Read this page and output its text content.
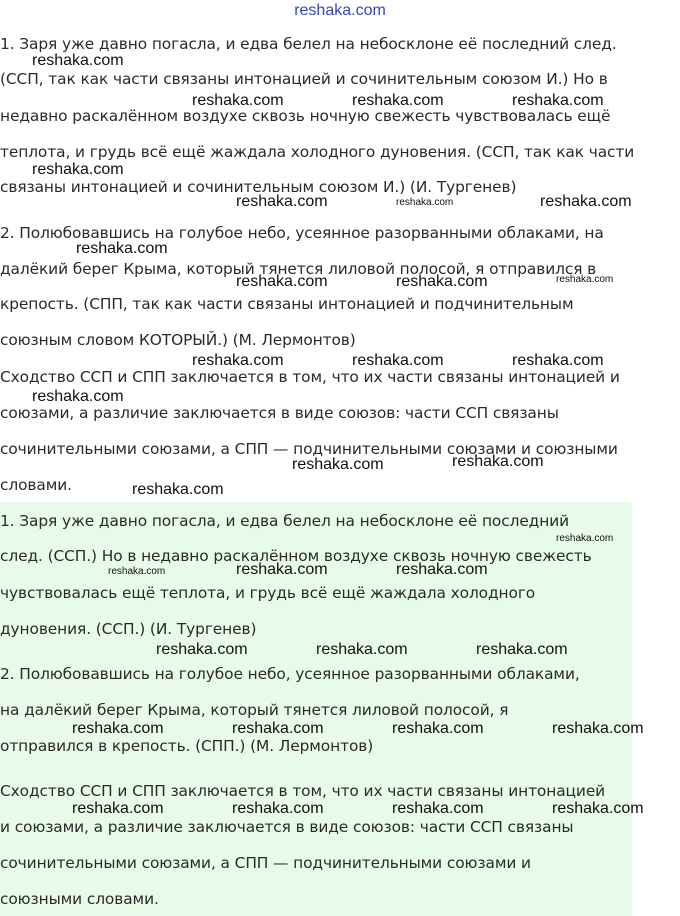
reshaka.com
1. Заря уже давно погасла, и едва белел на небосклоне её последний след.
(ССП, так как части связаны интонацией и сочинительным союзом И.) Но в
недавно раскалённом воздухе сквозь ночную свежесть чувствовалась ещё
теплота, и грудь всё ещё жаждала холодного дуновения. (ССП, так как части
связаны интонацией и сочинительным союзом И.) (И. Тургенев)
2. Полюбовавшись на голубое небо, усеянное разорванными облаками, на
далёкий берег Крыма, который тянется лиловой полосой, я отправился в
крепость. (СПП, так как части связаны интонацией и подчинительным
союзным словом КОТОРЫЙ.) (М. Лермонтов)
Сходство ССП и СПП заключается в том, что их части связаны интонацией и
союзами, а различие заключается в виде союзов: части ССП связаны
сочинительными союзами, а СПП — подчинительными союзами и союзными
словами.
1. Заря уже давно погасла, и едва белел на небосклоне её последний
след. (ССП.) Но в недавно раскалённом воздухе сквозь ночную свежесть
чувствовалась ещё теплота, и грудь всё ещё жаждала холодного
дуновения. (ССП.) (И. Тургенев)
2. Полюбовавшись на голубое небо, усеянное разорванными облаками,
на далёкий берег Крыма, который тянется лиловой полосой, я
отправился в крепость. (СПП.) (М. Лермонтов)
Сходство ССП и СПП заключается в том, что их части связаны интонацией
и союзами, а различие заключается в виде союзов: части ССП связаны
сочинительными союзами, а СПП — подчинительными союзами и
союзными словами.
reshaka.com
reshaka.com	reshaka.com	reshaka.com
reshaka.com
reshaka.com	reshaka.com	reshaka.com
reshaka.com
reshaka.com	reshaka.com	reshaka.com
reshaka.com	reshaka.com	reshaka.com
reshaka.com
reshaka.com	reshaka.com
reshaka.com
reshaka.com
reshaka.com	reshaka.com	reshaka.com
reshaka.com	reshaka.com	reshaka.com
reshaka.com	reshaka.com	reshaka.com	reshaka.com
reshaka.com	reshaka.com	reshaka.com	reshaka.com
